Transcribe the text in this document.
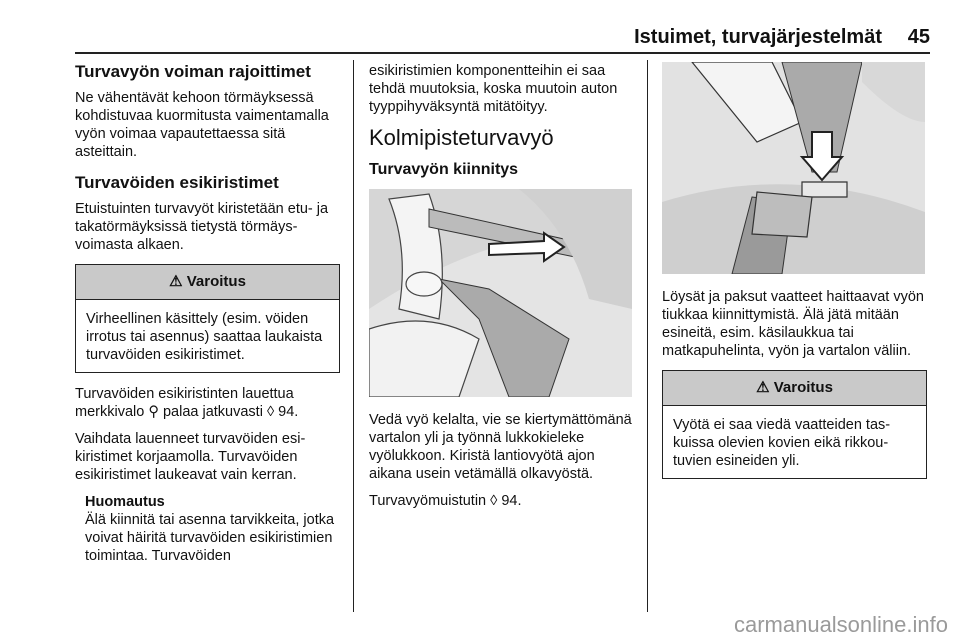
Istuimet, turvajärjestelmät 45
Turvavyön voiman rajoittimet

Ne vähentävät kehoon törmäyksessä kohdistuvaa kuormitusta vaimentamalla vyön voimaa vapautettaessa sitä asteittain.

Turvavöiden esikiristimet

Etuistuinten turvavyöt kiristetään etu- ja takatörmäyksissä tietystä törmäysvoimasta alkaen.

⚠ Varoitus
Virheellinen käsittely (esim. vöiden irrotus tai asennus) saattaa laukaista turvavöiden esikiristimet.

Turvavöiden esikiristinten lauettua merkkivalo ⚲ palaa jatkuvasti ◊ 94.

Vaihdata lauenneet turvavöiden esikiristimet korjaamolla. Turvavöiden esikiristimet laukeavat vain kerran.

Huomautus
Älä kiinnitä tai asenna tarvikkeita, jotka voivat häiritä turvavöiden esikiristimien toimintaa. Turvavöiden

esikiristimien komponentteihin ei saa tehdä muutoksia, koska muutoin auton tyyppihyväksyntä mitätöityy.

Kolmipisteturvavyö
Turvavyön kiinnitys

Vedä vyö kelalta, vie se kiertymättömänä vartalon yli ja työnnä lukkokieleke vyölukkoon. Kiristä lantiovyötä ajon aikana usein vetämällä olkavyöstä.

Turvavyömuistutin ◊ 94.

Löysät ja paksut vaatteet haittaavat vyön tiukkaa kiinnittymistä. Älä jätä mitään esineitä, esim. käsilaukkua tai matkapuhelinta, vyön ja vartalon väliin.

⚠ Varoitus
Vyötä ei saa viedä vaatteiden taskuissa olevien kovien eikä rikkoutuvien esineiden yli.
carmanualsonline.info
